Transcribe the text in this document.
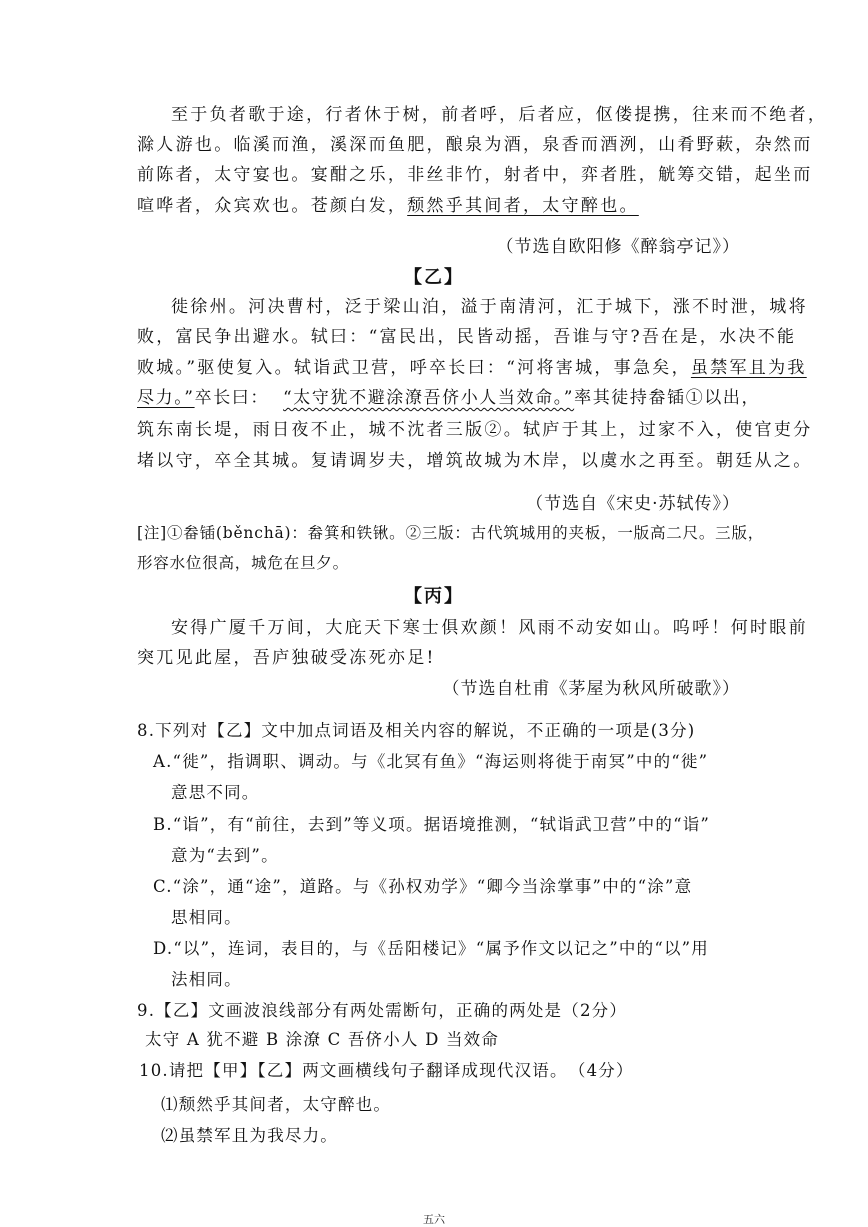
至于负者歌于途，行者休于树，前者呼，后者应，伛偻提携，往来而不绝者，
滁人游也。临溪而渔，溪深而鱼肥，酿泉为酒，泉香而酒洌，山肴野蔌，杂然而
前陈者，太守宴也。宴酣之乐，非丝非竹，射者中，弈者胜，觥筹交错，起坐而
喧哗者，众宾欢也。苍颜白发，颓然乎其间者，太守醉也。
（节选自欧阳修《醉翁亭记》）
【乙】
徙徐州。河决曹村，泛于梁山泊，溢于南清河，汇于城下，涨不时泄，城将
败，富民争出避水。轼曰：“富民出，民皆动摇，吾谁与守?吾在是，水决不能
败城。”驱使复入。轼诣武卫营，呼卒长曰：“河将害城，事急矣，虽禁军且为我
尽力。”卒长曰： “太守犹不避涂潦吾侪小人当效命。”率其徒持畚锸①以出，
筑东南长堤，雨日夜不止，城不沈者三版②。轼庐于其上，过家不入，使官吏分
堵以守，卒全其城。复请调岁夫，增筑故城为木岸，以虞水之再至。朝廷从之。
（节选自《宋史·苏轼传》）
[注]①畚锸(běnchā)：畚箕和铁锹。②三版：古代筑城用的夹板，一版高二尺。三版，
形容水位很高，城危在旦夕。
【丙】
安得广厦千万间，大庇天下寒士俱欢颜！风雨不动安如山。呜呼！何时眼前
突兀见此屋，吾庐独破受冻死亦足!
（节选自杜甫《茅屋为秋风所破歌》）
8.下列对【乙】文中加点词语及相关内容的解说，不正确的一项是(3分)
A.“徙”，指调职、调动。与《北冥有鱼》“海运则将徙于南冥”中的“徙”
意思不同。
B.“诣”，有“前往，去到”等义项。据语境推测，“轼诣武卫营”中的“诣”
意为“去到”。
C.“涂”，通“途”，道路。与《孙权劝学》“卿今当涂掌事”中的“涂”意
思相同。
D.“以”，连词，表目的，与《岳阳楼记》“属予作文以记之”中的“以”用
法相同。
9.【乙】文画波浪线部分有两处需断句，正确的两处是（2分）
太守 A 犹不避 B 涂潦 C 吾侪小人 D 当效命
10.请把【甲】【乙】两文画横线句子翻译成现代汉语。　（4分）
⑴颓然乎其间者，太守醉也。
⑵虽禁军且为我尽力。
五六
